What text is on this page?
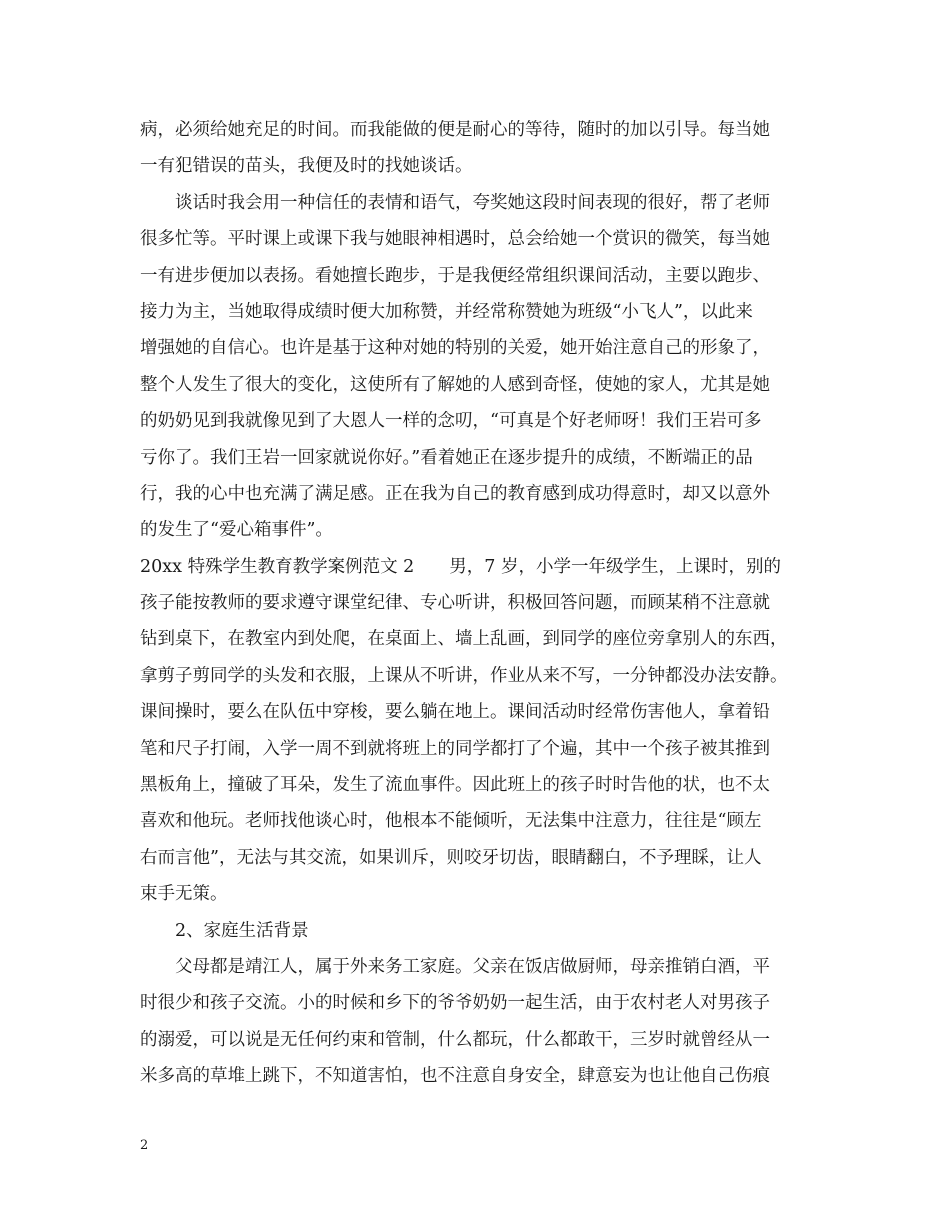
病，必须给她充足的时间。而我能做的便是耐心的等待，随时的加以引导。每当她
一有犯错误的苗头，我便及时的找她谈话。
谈话时我会用一种信任的表情和语气，夸奖她这段时间表现的很好，帮了老师
很多忙等。平时课上或课下我与她眼神相遇时，总会给她一个赏识的微笑，每当她
一有进步便加以表扬。看她擅长跑步，于是我便经常组织课间活动，主要以跑步、
接力为主，当她取得成绩时便大加称赞，并经常称赞她为班级“小飞人”，以此来
增强她的自信心。也许是基于这种对她的特别的关爱，她开始注意自己的形象了，
整个人发生了很大的变化，这使所有了解她的人感到奇怪，使她的家人，尤其是她
的奶奶见到我就像见到了大恩人一样的念叨，“可真是个好老师呀！我们王岩可多
亏你了。我们王岩一回家就说你好。”看着她正在逐步提升的成绩，不断端正的品
行，我的心中也充满了满足感。正在我为自己的教育感到成功得意时，却又以意外
的发生了“爱心箱事件”。
20xx 特殊学生教育教学案例范文 2　　男，7 岁，小学一年级学生，上课时，别的
孩子能按教师的要求遵守课堂纪律、专心听讲，积极回答问题，而顾某稍不注意就
钻到桌下，在教室内到处爬，在桌面上、墙上乱画，到同学的座位旁拿别人的东西，
拿剪子剪同学的头发和衣服，上课从不听讲，作业从来不写，一分钟都没办法安静。
课间操时，要么在队伍中穿梭，要么躺在地上。课间活动时经常伤害他人，拿着铅
笔和尺子打闹，入学一周不到就将班上的同学都打了个遍，其中一个孩子被其推到
黑板角上，撞破了耳朵，发生了流血事件。因此班上的孩子时时告他的状，也不太
喜欢和他玩。老师找他谈心时，他根本不能倾听，无法集中注意力，往往是“顾左
右而言他”，无法与其交流，如果训斥，则咬牙切齿，眼睛翻白，不予理睬，让人
束手无策。
2、家庭生活背景
父母都是靖江人，属于外来务工家庭。父亲在饭店做厨师，母亲推销白酒，平
时很少和孩子交流。小的时候和乡下的爷爷奶奶一起生活，由于农村老人对男孩子
的溺爱，可以说是无任何约束和管制，什么都玩，什么都敢干，三岁时就曾经从一
米多高的草堆上跳下，不知道害怕，也不注意自身安全，肆意妄为也让他自己伤痕
2
